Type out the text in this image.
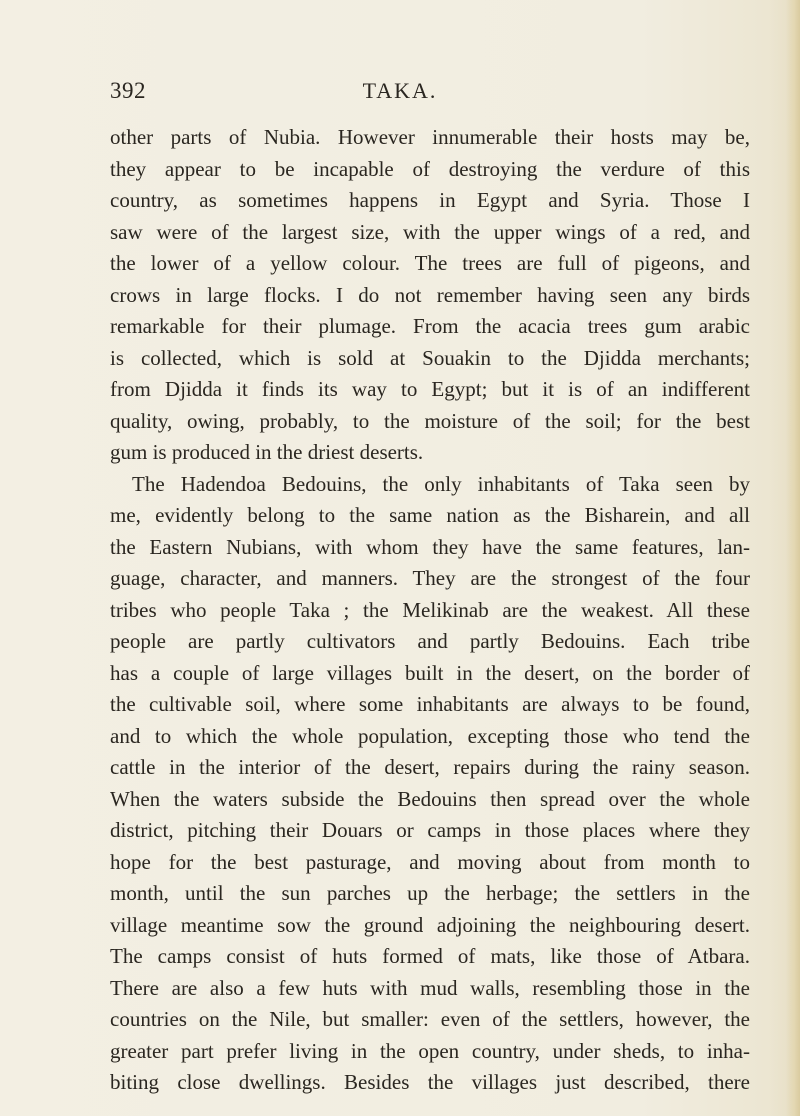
392	TAKA.
other parts of Nubia. However innumerable their hosts may be,
they appear to be incapable of destroying the verdure of this
country, as sometimes happens in Egypt and Syria. Those I
saw were of the largest size, with the upper wings of a red, and
the lower of a yellow colour. The trees are full of pigeons, and
crows in large flocks. I do not remember having seen any birds
remarkable for their plumage. From the acacia trees gum arabic
is collected, which is sold at Souakin to the Djidda merchants;
from Djidda it finds its way to Egypt; but it is of an indifferent
quality, owing, probably, to the moisture of the soil; for the best
gum is produced in the driest deserts.
The Hadendoa Bedouins, the only inhabitants of Taka seen by
me, evidently belong to the same nation as the Bisharein, and all
the Eastern Nubians, with whom they have the same features, lan-
guage, character, and manners. They are the strongest of the four
tribes who people Taka ; the Melikinab are the weakest. All these
people are partly cultivators and partly Bedouins. Each tribe
has a couple of large villages built in the desert, on the border of
the cultivable soil, where some inhabitants are always to be found,
and to which the whole population, excepting those who tend the
cattle in the interior of the desert, repairs during the rainy season.
When the waters subside the Bedouins then spread over the whole
district, pitching their Douars or camps in those places where they
hope for the best pasturage, and moving about from month to
month, until the sun parches up the herbage; the settlers in the
village meantime sow the ground adjoining the neighbouring desert.
The camps consist of huts formed of mats, like those of Atbara.
There are also a few huts with mud walls, resembling those in the
countries on the Nile, but smaller: even of the settlers, however, the
greater part prefer living in the open country, under sheds, to inha-
biting close dwellings. Besides the villages just described, there
